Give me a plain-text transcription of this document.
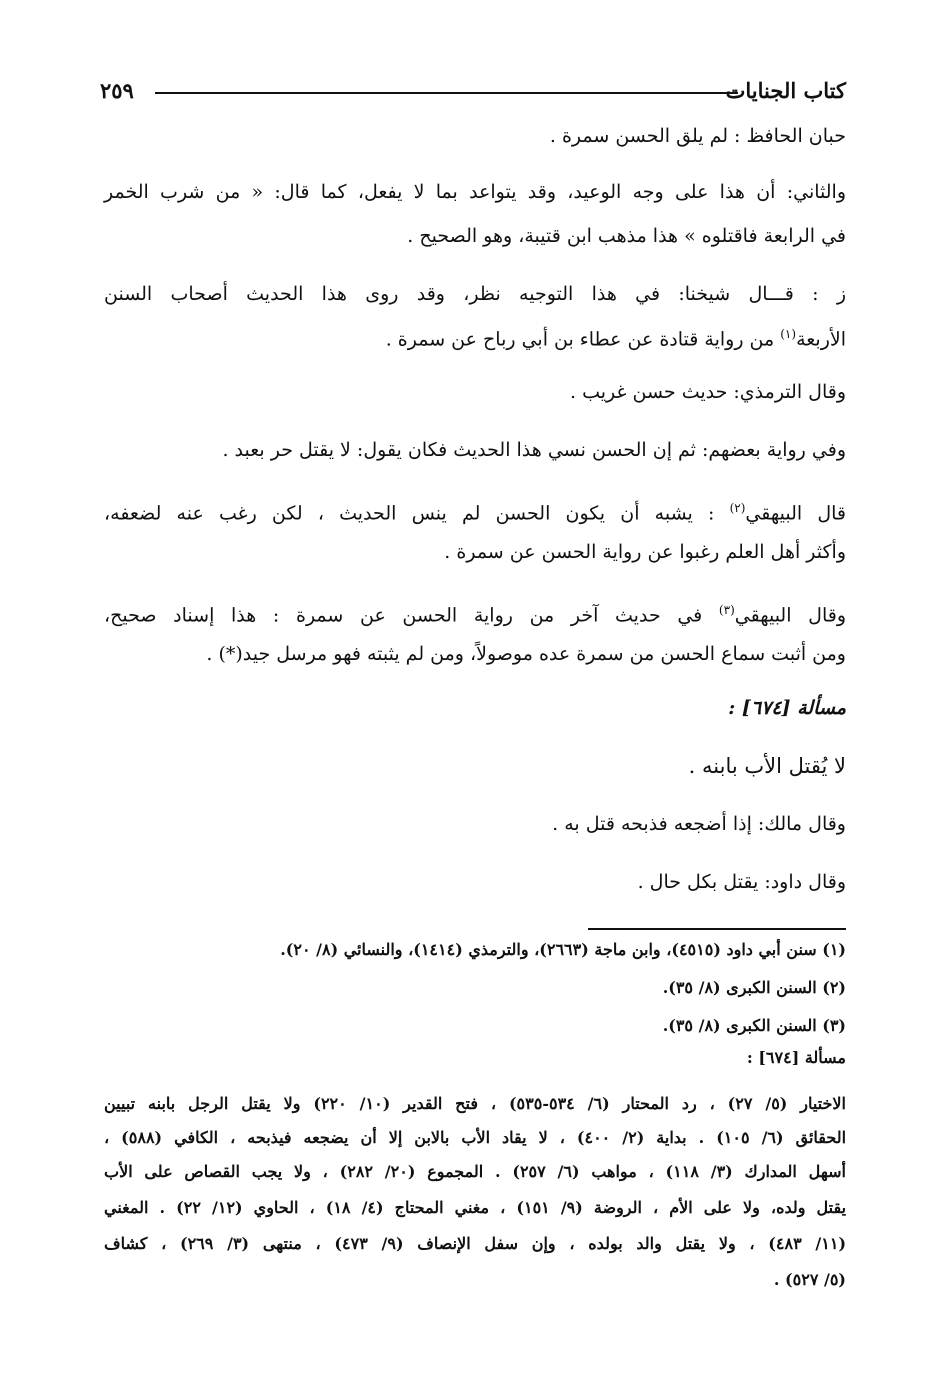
كتاب الجنايات
٢٥٩
حبان الحافظ : لم يلق الحسن سمرة .
والثاني: أن هذا على وجه الوعيد، وقد يتواعد بما لا يفعل، كما قال: « من شرب الخمر
في الرابعة فاقتلوه » هذا مذهب ابن قتيبة، وهو الصحيح .
ز : قـــال شيخنا: في هذا التوجيه نظر، وقد روى هذا الحديث أصحاب السنن
الأربعة$^{(١)}$ من رواية قتادة عن عطاء بن أبي رباح عن سمرة .
وقال الترمذي: حديث حسن غريب .
وفي رواية بعضهم: ثم إن الحسن نسي هذا الحديث فكان يقول: لا يقتل حر بعبد .
قال البيهقي$^{(٢)}$ : يشبه أن يكون الحسن لم ينس الحديث ، لكن رغب عنه لضعفه،
وأكثر أهل العلم رغبوا عن رواية الحسن عن سمرة .
وقال البيهقي$^{(٣)}$ في حديث آخر من رواية الحسن عن سمرة : هذا إسناد صحيح،
ومن أثبت سماع الحسن من سمرة عده موصولاً، ومن لم يثبته فهو مرسل جيد(*) .
مسألة [٦٧٤] :
لا يُقتل الأب بابنه .
وقال مالك: إذا أضجعه فذبحه قتل به .
وقال داود: يقتل بكل حال .
(١) سنن أبي داود (٤٥١٥)، وابن ماجة (٢٦٦٣)، والترمذي (١٤١٤)، والنسائي (٨/ ٢٠).
(٢) السنن الكبرى (٨/ ٣٥).
(٣) السنن الكبرى (٨/ ٣٥).
مسألة [٦٧٤] :
الاختيار (٥/ ٢٧) ، رد المحتار (٦/ ٥٣٤-٥٣٥) ، فتح القدير (١٠/ ٢٢٠) ولا يقتل الرجل بابنه تبيين
الحقائق (٦/ ١٠٥) . بداية (٢/ ٤٠٠) ، لا يقاد الأب بالابن إلا أن يضجعه فيذبحه ، الكافي (٥٨٨) ،
أسهل المدارك (٣/ ١١٨) ، مواهب (٦/ ٢٥٧) . المجموع (٢٠/ ٢٨٢) ، ولا يجب القصاص على الأب
يقتل ولده، ولا على الأم ، الروضة (٩/ ١٥١) ، مغني المحتاج (٤/ ١٨) ، الحاوي (١٢/ ٢٢) . المغني
(١١/ ٤٨٣) ، ولا يقتل والد بولده ، وإن سفل الإنصاف (٩/ ٤٧٣) ، منتهى (٣/ ٢٦٩) ، كشاف
(٥/ ٥٢٧) .
